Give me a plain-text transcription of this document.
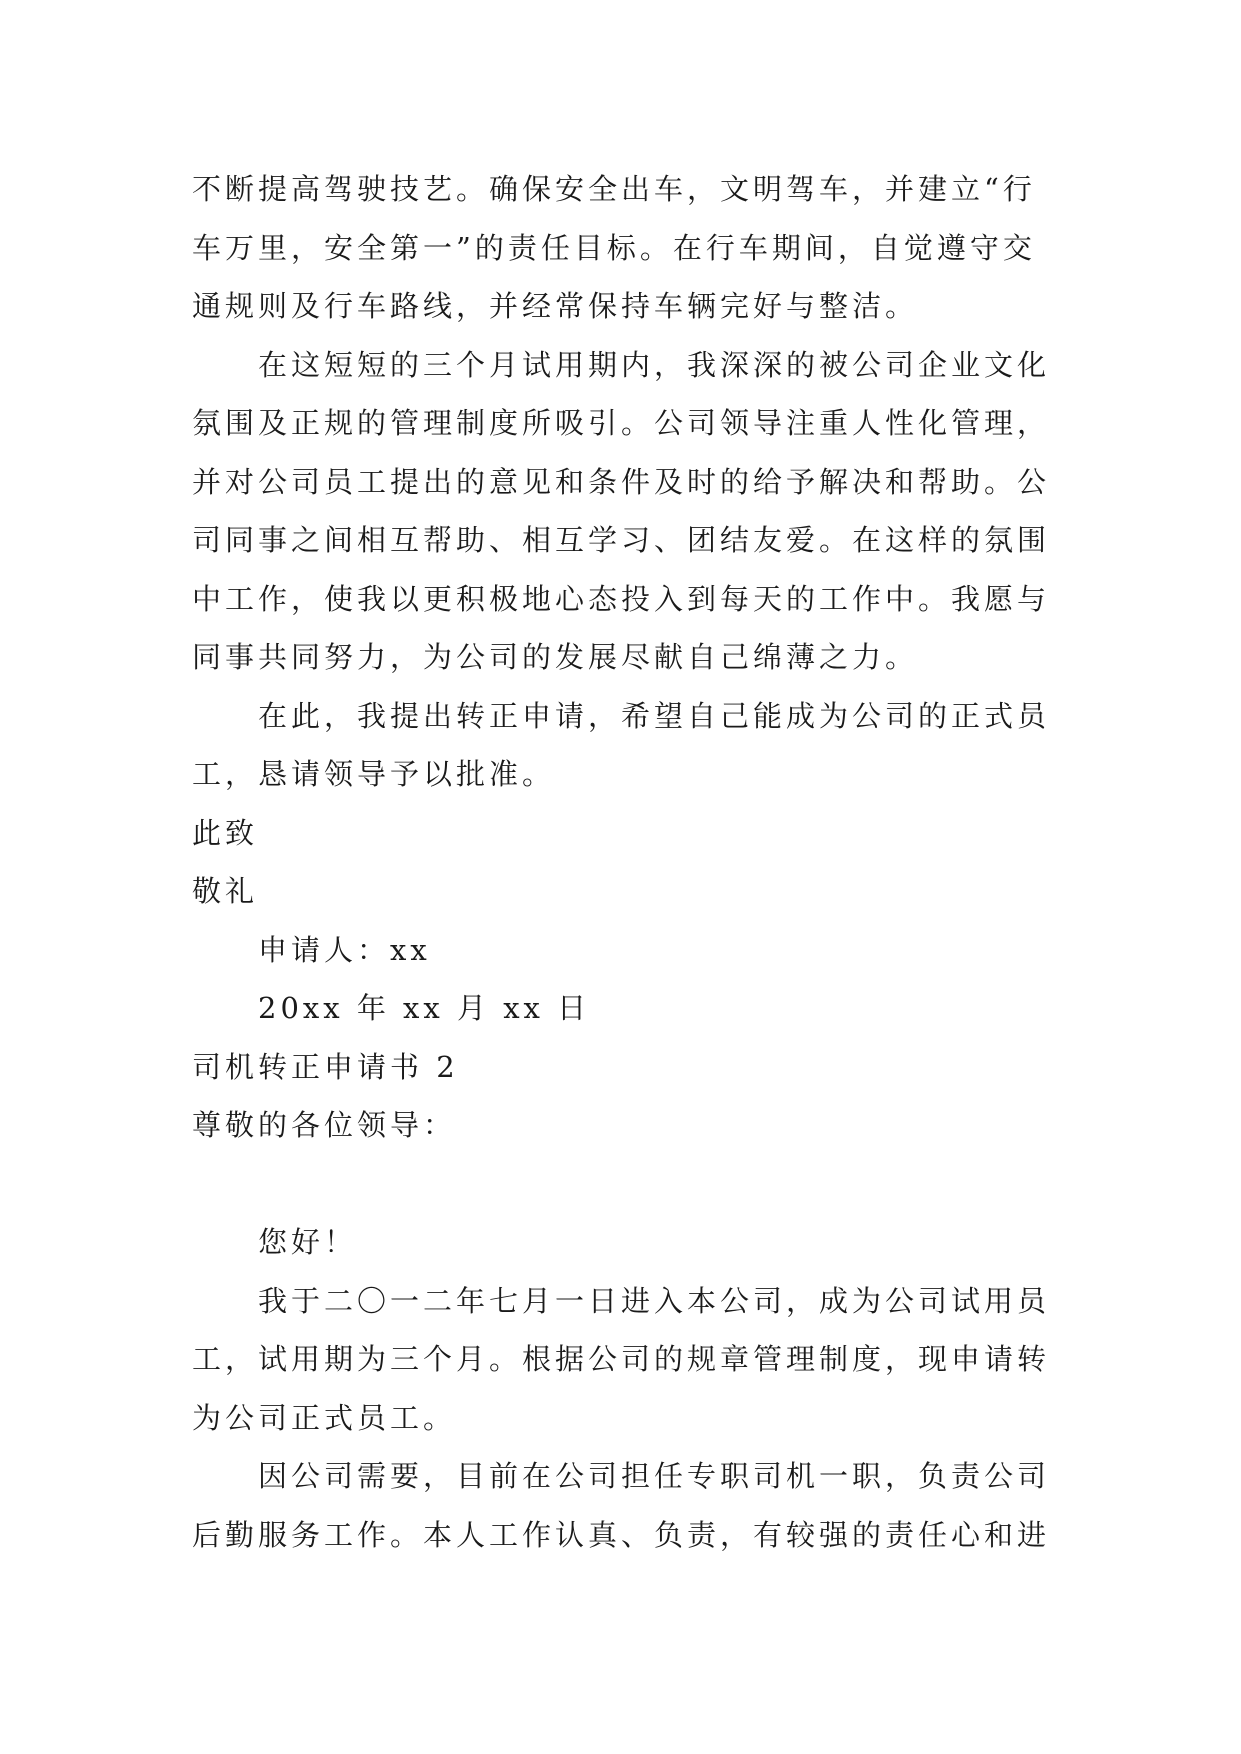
不断提高驾驶技艺。确保安全出车，文明驾车，并建立“行
车万里，安全第一”的责任目标。在行车期间，自觉遵守交
通规则及行车路线，并经常保持车辆完好与整洁。
在这短短的三个月试用期内，我深深的被公司企业文化
氛围及正规的管理制度所吸引。公司领导注重人性化管理，
并对公司员工提出的意见和条件及时的给予解决和帮助。公
司同事之间相互帮助、相互学习、团结友爱。在这样的氛围
中工作，使我以更积极地心态投入到每天的工作中。我愿与
同事共同努力，为公司的发展尽献自己绵薄之力。
在此，我提出转正申请，希望自己能成为公司的正式员
工，恳请领导予以批准。
此致
敬礼
申请人：xx
20xx 年 xx 月 xx 日
司机转正申请书 2
尊敬的各位领导：
您好！
我于二〇一二年七月一日进入本公司，成为公司试用员
工，试用期为三个月。根据公司的规章管理制度，现申请转
为公司正式员工。
因公司需要，目前在公司担任专职司机一职，负责公司
后勤服务工作。本人工作认真、负责，有较强的责任心和进
